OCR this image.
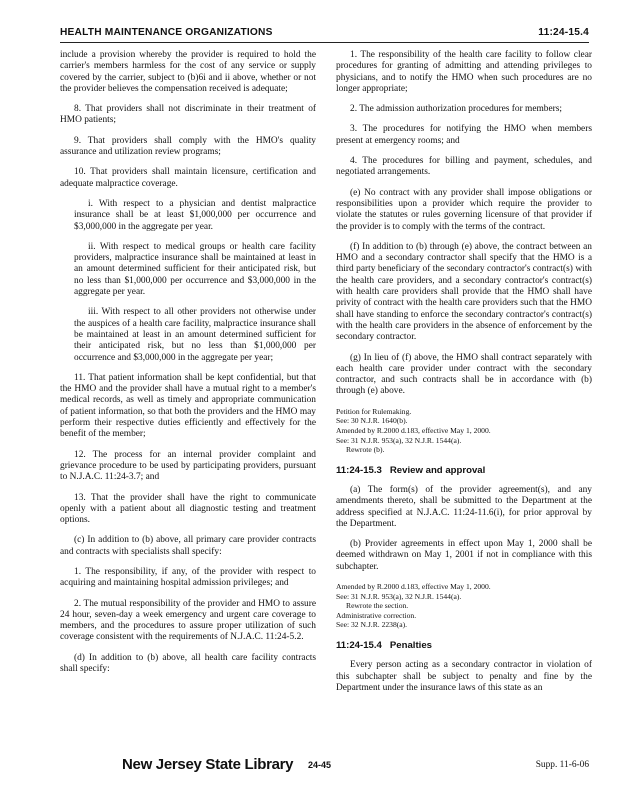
HEALTH MAINTENANCE ORGANIZATIONS	11:24-15.4

include a provision whereby the provider is required to hold the carrier's members harmless for the cost of any service or supply covered by the carrier, subject to (b)6i and ii above, whether or not the provider believes the compensation received is adequate;

8. That providers shall not discriminate in their treatment of HMO patients;

9. That providers shall comply with the HMO's quality assurance and utilization review programs;

10. That providers shall maintain licensure, certification and adequate malpractice coverage.

i. With respect to a physician and dentist malpractice insurance shall be at least $1,000,000 per occurrence and $3,000,000 in the aggregate per year.

ii. With respect to medical groups or health care facility providers, malpractice insurance shall be maintained at least in an amount determined sufficient for their anticipated risk, but no less than $1,000,000 per occurrence and $3,000,000 in the aggregate per year.

iii. With respect to all other providers not otherwise under the auspices of a health care facility, malpractice insurance shall be maintained at least in an amount determined sufficient for their anticipated risk, but no less than $1,000,000 per occurrence and $3,000,000 in the aggregate per year;

11. That patient information shall be kept confidential, but that the HMO and the provider shall have a mutual right to a member's medical records, as well as timely and appropriate communication of patient information, so that both the providers and the HMO may perform their respective duties efficiently and effectively for the benefit of the member;

12. The process for an internal provider complaint and grievance procedure to be used by participating providers, pursuant to N.J.A.C. 11:24-3.7; and

13. That the provider shall have the right to communicate openly with a patient about all diagnostic testing and treatment options.

(c) In addition to (b) above, all primary care provider contracts and contracts with specialists shall specify:

1. The responsibility, if any, of the provider with respect to acquiring and maintaining hospital admission privileges; and

2. The mutual responsibility of the provider and HMO to assure 24 hour, seven-day a week emergency and urgent care coverage to members, and the procedures to assure proper utilization of such coverage consistent with the requirements of N.J.A.C. 11:24-5.2.

(d) In addition to (b) above, all health care facility contracts shall specify:

1. The responsibility of the health care facility to follow clear procedures for granting of admitting and attending privileges to physicians, and to notify the HMO when such procedures are no longer appropriate;

2. The admission authorization procedures for members;

3. The procedures for notifying the HMO when members present at emergency rooms; and

4. The procedures for billing and payment, schedules, and negotiated arrangements.

(e) No contract with any provider shall impose obligations or responsibilities upon a provider which require the provider to violate the statutes or rules governing licensure of that provider if the provider is to comply with the terms of the contract.

(f) In addition to (b) through (e) above, the contract between an HMO and a secondary contractor shall specify that the HMO is a third party beneficiary of the secondary contractor's contract(s) with the health care providers, and a secondary contractor's contract(s) with health care providers shall provide that the HMO shall have privity of contract with the health care providers such that the HMO shall have standing to enforce the secondary contractor's contract(s) with the health care providers in the absence of enforcement by the secondary contractor.

(g) In lieu of (f) above, the HMO shall contract separately with each health care provider under contract with the secondary contractor, and such contracts shall be in accordance with (b) through (e) above.

Petition for Rulemaking.
See: 30 N.J.R. 1640(b).
Amended by R.2000 d.183, effective May 1, 2000.
See: 31 N.J.R. 953(a), 32 N.J.R. 1544(a).
Rewrote (b).
11:24-15.3 Review and approval

(a) The form(s) of the provider agreement(s), and any amendments thereto, shall be submitted to the Department at the address specified at N.J.A.C. 11:24-11.6(i), for prior approval by the Department.

(b) Provider agreements in effect upon May 1, 2000 shall be deemed withdrawn on May 1, 2001 if not in compliance with this subchapter.

Amended by R.2000 d.183, effective May 1, 2000.
See: 31 N.J.R. 953(a), 32 N.J.R. 1544(a).
Rewrote the section.
Administrative correction.
See: 32 N.J.R. 2238(a).
11:24-15.4 Penalties

Every person acting as a secondary contractor in violation of this subchapter shall be subject to penalty and fine by the Department under the insurance laws of this state as an

New Jersey State Library 24-45	Supp. 11-6-06
